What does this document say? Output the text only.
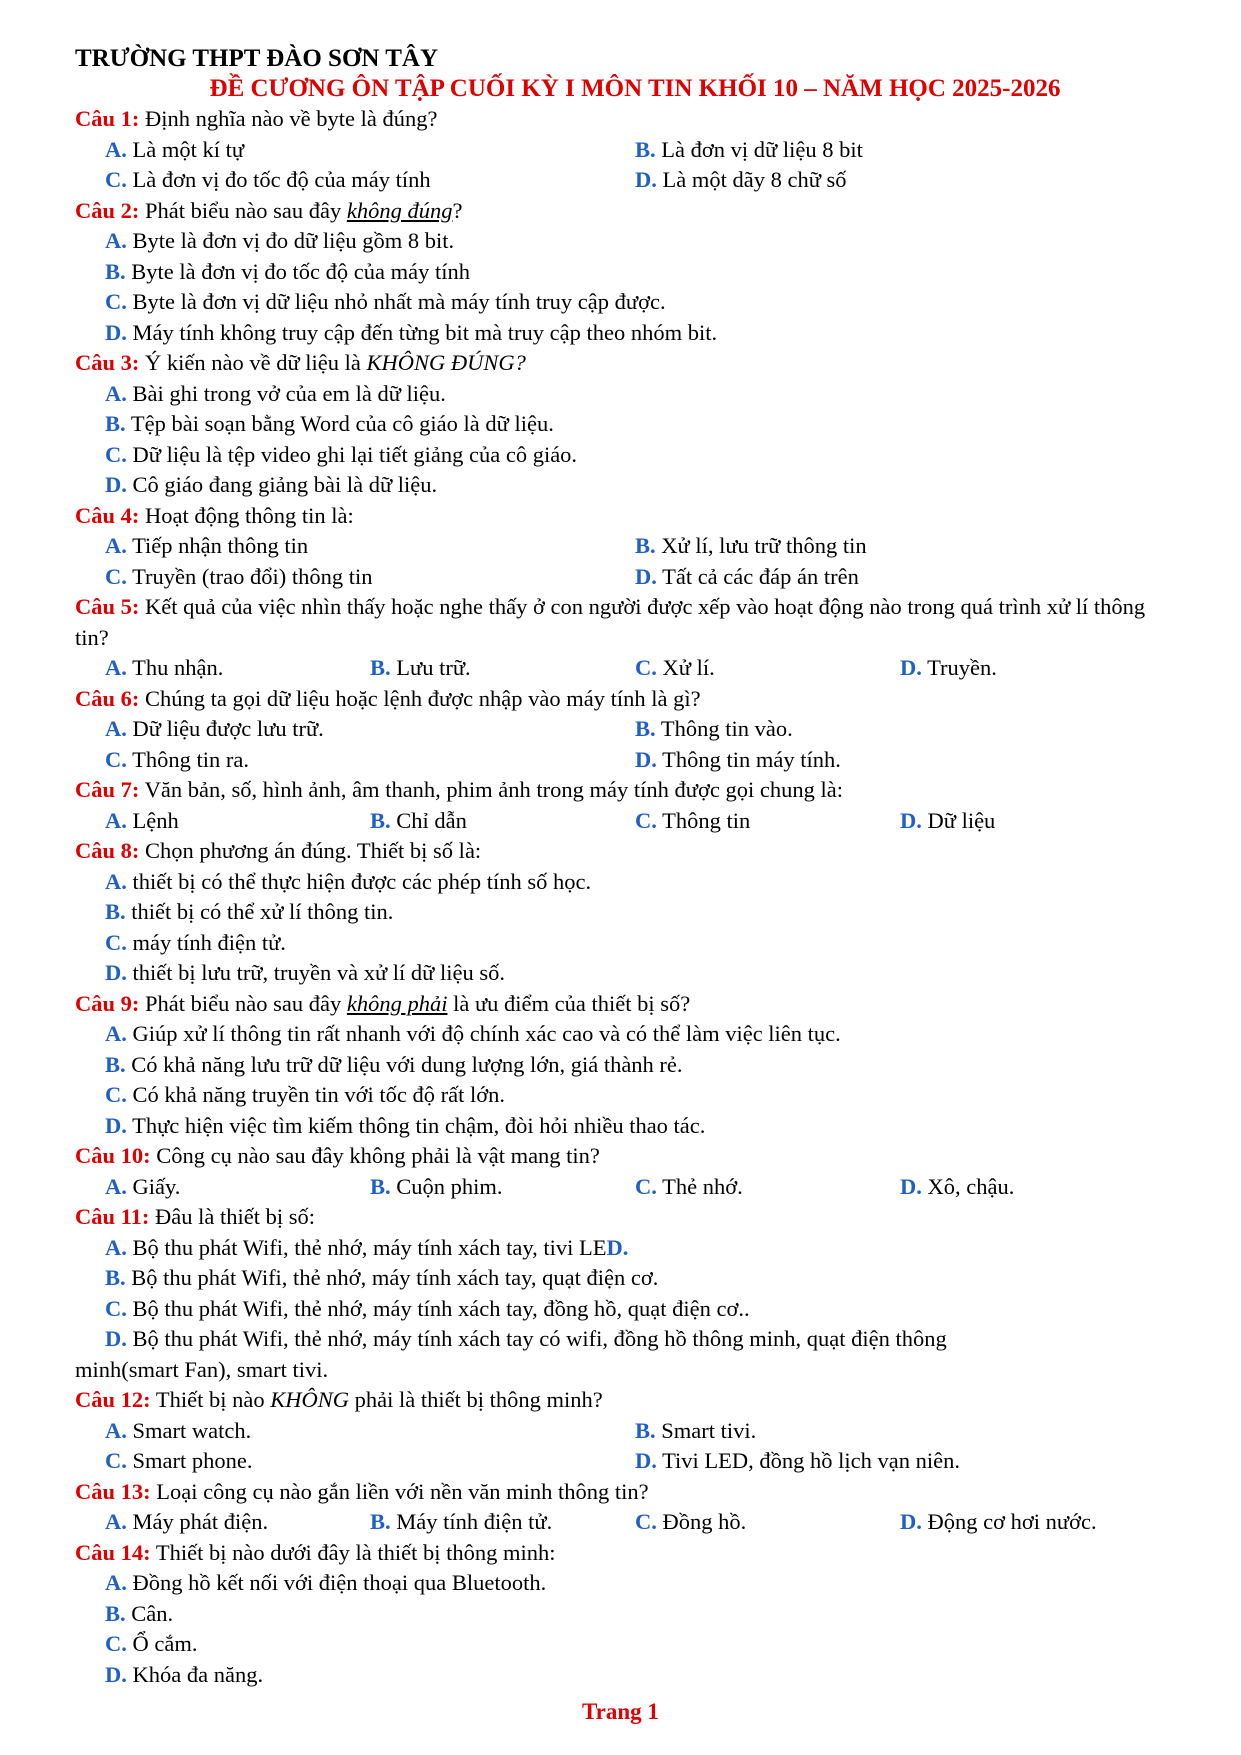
TRƯỜNG THPT ĐÀO SƠN TÂY
ĐỀ CƯƠNG ÔN TẬP CUỐI KỲ I MÔN TIN KHỐI 10 – NĂM HỌC 2025-2026
Câu 1: Định nghĩa nào về byte là đúng?
A. Là một kí tự	B. Là đơn vị dữ liệu 8 bit
C. Là đơn vị đo tốc độ của máy tính	D. Là một dãy 8 chữ số
Câu 2: Phát biểu nào sau đây không đúng?
A. Byte là đơn vị đo dữ liệu gồm 8 bit.
B. Byte là đơn vị đo tốc độ của máy tính
C. Byte là đơn vị dữ liệu nhỏ nhất mà máy tính truy cập được.
D. Máy tính không truy cập đến từng bit mà truy cập theo nhóm bit.
Câu 3: Ý kiến nào về dữ liệu là KHÔNG ĐÚNG?
A. Bài ghi trong vở của em là dữ liệu.
B. Tệp bài soạn bằng Word của cô giáo là dữ liệu.
C. Dữ liệu là tệp video ghi lại tiết giảng của cô giáo.
D. Cô giáo đang giảng bài là dữ liệu.
Câu 4: Hoạt động thông tin là:
A. Tiếp nhận thông tin	B. Xử lí, lưu trữ thông tin
C. Truyền (trao đổi) thông tin	D. Tất cả các đáp án trên
Câu 5: Kết quả của việc nhìn thấy hoặc nghe thấy ở con người được xếp vào hoạt động nào trong quá trình xử lí thông tin?
A. Thu nhận.	B. Lưu trữ.	C. Xử lí.	D. Truyền.
Câu 6: Chúng ta gọi dữ liệu hoặc lệnh được nhập vào máy tính là gì?
A. Dữ liệu được lưu trữ.	B. Thông tin vào.
C. Thông tin ra.	D. Thông tin máy tính.
Câu 7: Văn bản, số, hình ảnh, âm thanh, phim ảnh trong máy tính được gọi chung là:
A. Lệnh	B. Chỉ dẫn	C. Thông tin	D. Dữ liệu
Câu 8: Chọn phương án đúng. Thiết bị số là:
A. thiết bị có thể thực hiện được các phép tính số học.
B. thiết bị có thể xử lí thông tin.
C. máy tính điện tử.
D. thiết bị lưu trữ, truyền và xử lí dữ liệu số.
Câu 9: Phát biểu nào sau đây không phải là ưu điểm của thiết bị số?
A. Giúp xử lí thông tin rất nhanh với độ chính xác cao và có thể làm việc liên tục.
B. Có khả năng lưu trữ dữ liệu với dung lượng lớn, giá thành rẻ.
C. Có khả năng truyền tin với tốc độ rất lớn.
D. Thực hiện việc tìm kiếm thông tin chậm, đòi hỏi nhiều thao tác.
Câu 10: Công cụ nào sau đây không phải là vật mang tin?
A. Giấy.	B. Cuộn phim.	C. Thẻ nhớ.	D. Xô, chậu.
Câu 11: Đâu là thiết bị số:
A. Bộ thu phát Wifi, thẻ nhớ, máy tính xách tay, tivi LED.
B. Bộ thu phát Wifi, thẻ nhớ, máy tính xách tay, quạt điện cơ.
C. Bộ thu phát Wifi, thẻ nhớ, máy tính xách tay, đồng hồ, quạt điện cơ..
D. Bộ thu phát Wifi, thẻ nhớ, máy tính xách tay có wifi, đồng hồ thông minh, quạt điện thông
minh(smart Fan), smart tivi.
Câu 12: Thiết bị nào KHÔNG phải là thiết bị thông minh?
A. Smart watch.	B. Smart tivi.
C. Smart phone.	D. Tivi LED, đồng hồ lịch vạn niên.
Câu 13: Loại công cụ nào gắn liền với nền văn minh thông tin?
A. Máy phát điện.	B. Máy tính điện tử.	C. Đồng hồ.	D. Động cơ hơi nước.
Câu 14: Thiết bị nào dưới đây là thiết bị thông minh:
A. Đồng hồ kết nối với điện thoại qua Bluetooth.
B. Cân.
C. Ổ cắm.
D. Khóa đa năng.
Trang 1
